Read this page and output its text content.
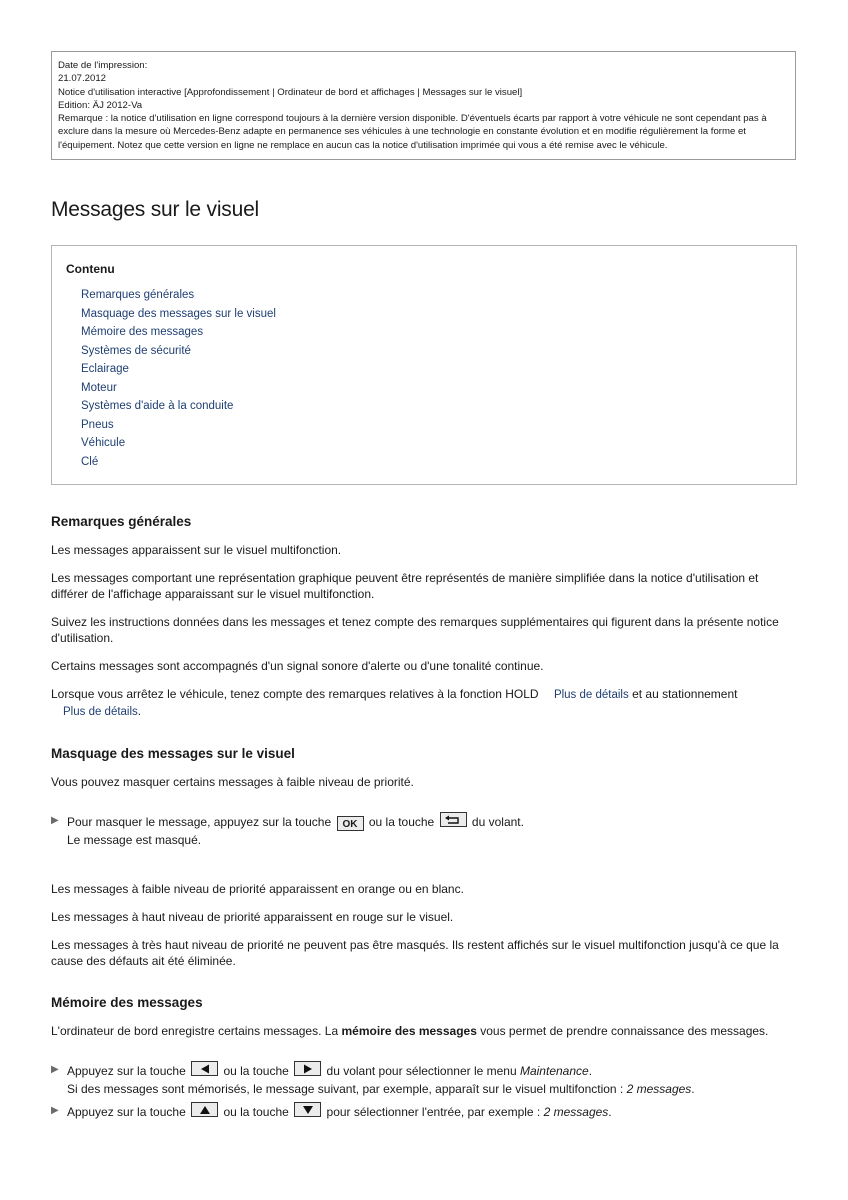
Date de l'impression:
21.07.2012
Notice d'utilisation interactive [Approfondissement | Ordinateur de bord et affichages | Messages sur le visuel]
Edition: ÄJ 2012-Va
Remarque : la notice d'utilisation en ligne correspond toujours à la dernière version disponible. D'éventuels écarts par rapport à votre véhicule ne sont cependant pas à exclure dans la mesure où Mercedes-Benz adapte en permanence ses véhicules à une technologie en constante évolution et en modifie régulièrement la forme et l'équipement. Notez que cette version en ligne ne remplace en aucun cas la notice d'utilisation imprimée qui vous a été remise avec le véhicule.
Messages sur le visuel
Contenu
Remarques générales
Masquage des messages sur le visuel
Mémoire des messages
Systèmes de sécurité
Eclairage
Moteur
Systèmes d'aide à la conduite
Pneus
Véhicule
Clé
Remarques générales

Les messages apparaissent sur le visuel multifonction.

Les messages comportant une représentation graphique peuvent être représentés de manière simplifiée dans la notice d'utilisation et différer de l'affichage apparaissant sur le visuel multifonction.

Suivez les instructions données dans les messages et tenez compte des remarques supplémentaires qui figurent dans la présente notice d'utilisation.

Certains messages sont accompagnés d'un signal sonore d'alerte ou d'une tonalité continue.

Lorsque vous arrêtez le véhicule, tenez compte des remarques relatives à la fonction HOLD Plus de détails et au stationnement
Plus de détails.

Masquage des messages sur le visuel

Vous pouvez masquer certains messages à faible niveau de priorité.

▶ Pour masquer le message, appuyez sur la touche OK ou la touche	du volant.
Le message est masqué.

Les messages à faible niveau de priorité apparaissent en orange ou en blanc.

Les messages à haut niveau de priorité apparaissent en rouge sur le visuel.

Les messages à très haut niveau de priorité ne peuvent pas être masqués. Ils restent affichés sur le visuel multifonction jusqu'à ce que la cause des défauts ait été éliminée.

Mémoire des messages

L'ordinateur de bord enregistre certains messages. La mémoire des messages vous permet de prendre connaissance des messages.

▶ Appuyez sur la touche	ou la touche	du volant pour sélectionner le menu Maintenance.
Si des messages sont mémorisés, le message suivant, par exemple, apparaît sur le visuel multifonction : 2 messages.
▶ Appuyez sur la touche	ou la touche	pour sélectionner l'entrée, par exemple : 2 messages.
